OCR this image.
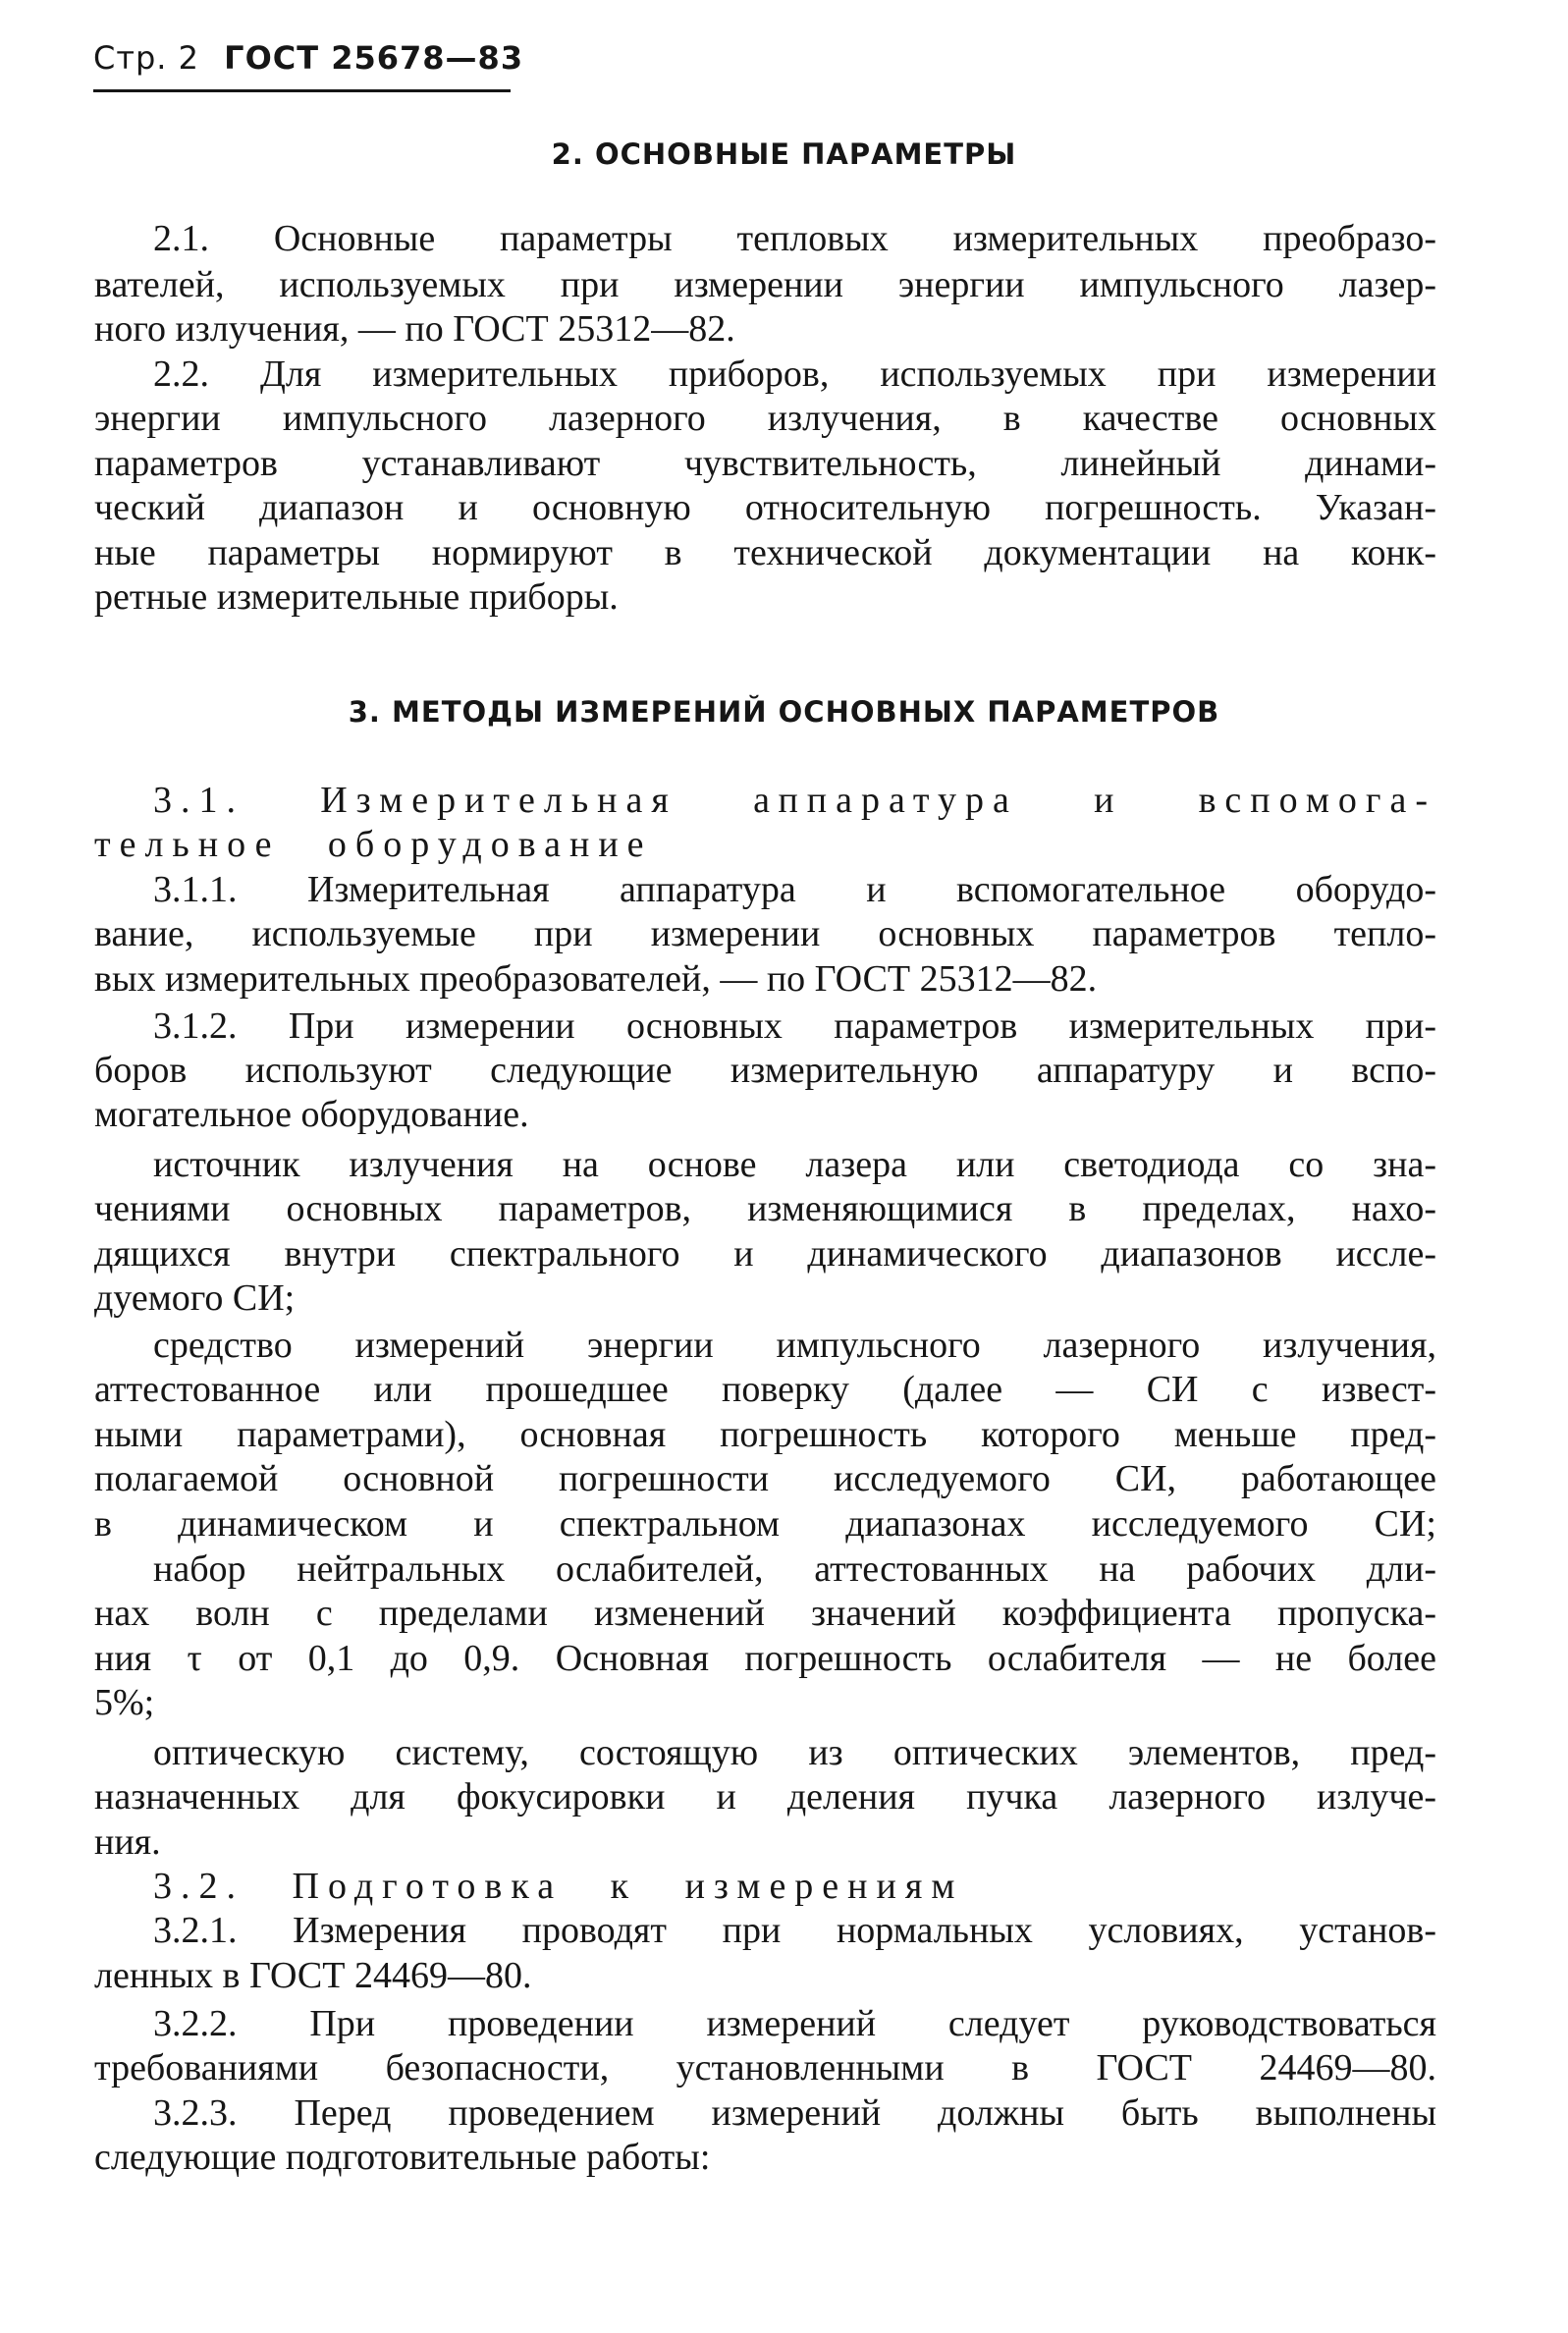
Стр. 2 ГОСТ 25678—83
2. ОСНОВНЫЕ ПАРАМЕТРЫ
2.1. Основные параметры тепловых измерительных преобразо-
вателей, используемых при измерении энергии импульсного лазер-
ного излучения, — по ГОСТ 25312—82.
2.2. Для измерительных приборов, используемых при измерении
энергии импульсного лазерного излучения, в качестве основных
параметров устанавливают чувствительность, линейный динами-
ческий диапазон и основную относительную погрешность. Указан-
ные параметры нормируют в технической документации на конк-
ретные измерительные приборы.
3. МЕТОДЫ ИЗМЕРЕНИЙ ОСНОВНЫХ ПАРАМЕТРОВ
3.1. Измерительная аппаратура и вспомога-
тельное оборудование
3.1.1. Измерительная аппаратура и вспомогательное оборудо-
вание, используемые при измерении основных параметров тепло-
вых измерительных преобразователей, — по ГОСТ 25312—82.
3.1.2. При измерении основных параметров измерительных при-
боров используют следующие измерительную аппаратуру и вспо-
могательное оборудование.
источник излучения на основе лазера или светодиода со зна-
чениями основных параметров, изменяющимися в пределах, нахо-
дящихся внутри спектрального и динамического диапазонов иссле-
дуемого СИ;
средство измерений энергии импульсного лазерного излучения,
аттестованное или прошедшее поверку (далее — СИ с извест-
ными параметрами), основная погрешность которого меньше пред-
полагаемой основной погрешности исследуемого СИ, работающее
в динамическом и спектральном диапазонах исследуемого СИ;
набор нейтральных ослабителей, аттестованных на рабочих дли-
нах волн с пределами изменений значений коэффициента пропуска-
ния τ от 0,1 до 0,9. Основная погрешность ослабителя — не более
5%;
оптическую систему, состоящую из оптических элементов, пред-
назначенных для фокусировки и деления пучка лазерного излуче-
ния.
3.2. Подготовка к измерениям
3.2.1. Измерения проводят при нормальных условиях, установ-
ленных в ГОСТ 24469—80.
3.2.2. При проведении измерений следует руководствоваться
требованиями безопасности, установленными в ГОСТ 24469—80.
3.2.3. Перед проведением измерений должны быть выполнены
следующие подготовительные работы:
